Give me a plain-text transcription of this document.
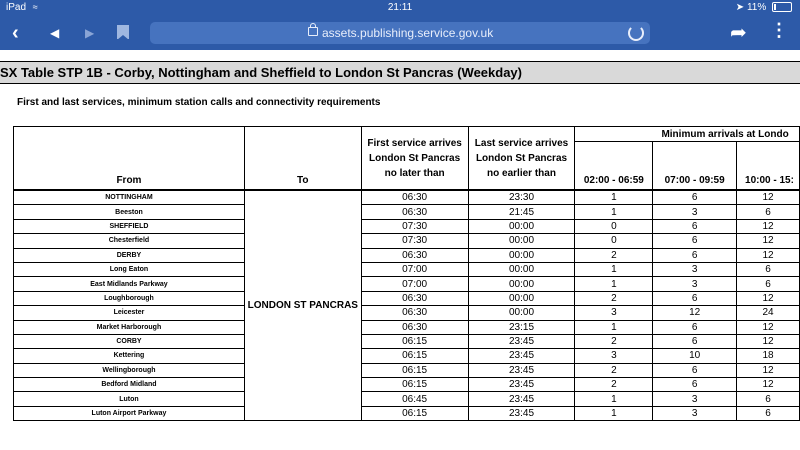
iPad ≈	21:11	➤ 11%
‹	◀ ▶	assets.publishing.service.gov.uk	➦ ⋮
SX Table STP 1B - Corby, Nottingham and Sheffield to London St Pancras (Weekday)
First and last services, minimum station calls and connectivity requirements
From	To	First service arrives London St Pancras no later than	Last service arrives London St Pancras no earlier than	Minimum arrivals at Londo		
				02:00 - 06:59	07:00 - 09:59	10:00 - 15:
NOTTINGHAM	LONDON ST PANCRAS	06:30	23:30	1	6	12
Beeston		06:30	21:45	1	3	6
SHEFFIELD		07:30	00:00	0	6	12
Chesterfield		07:30	00:00	0	6	12
DERBY		06:30	00:00	2	6	12
Long Eaton		07:00	00:00	1	3	6
East Midlands Parkway		07:00	00:00	1	3	6
Loughborough		06:30	00:00	2	6	12
Leicester		06:30	00:00	3	12	24
Market Harborough		06:30	23:15	1	6	12
CORBY		06:15	23:45	2	6	12
Kettering		06:15	23:45	3	10	18
Wellingborough		06:15	23:45	2	6	12
Bedford Midland		06:15	23:45	2	6	12
Luton		06:45	23:45	1	3	6
Luton Airport Parkway		06:15	23:45	1	3	6
